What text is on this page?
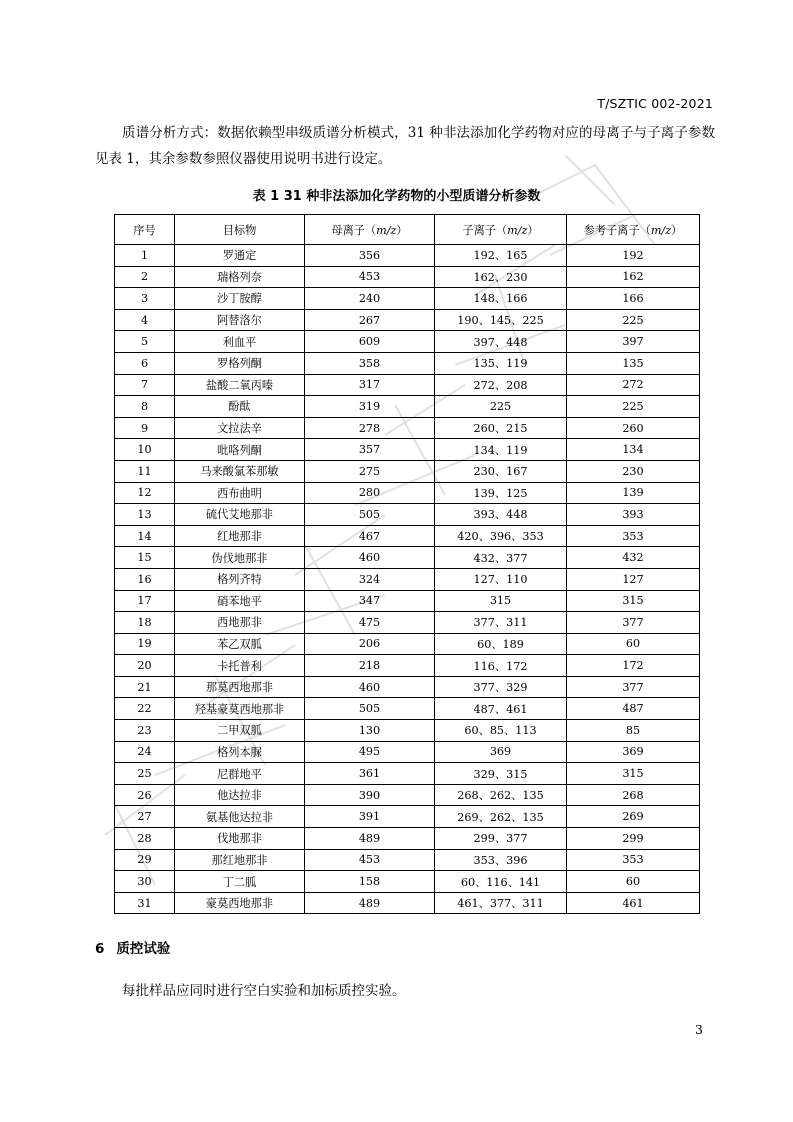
T/SZTIC 002-2021

质谱分析方式：数据依赖型串级质谱分析模式，31 种非法添加化学药物对应的母离子与子离子参数见表 1，其余参数参照仪器使用说明书进行设定。

表 1 31 种非法添加化学药物的小型质谱分析参数
序号	目标物	母离子（m/z）	子离子（m/z）	参考子离子（m/z）
1	罗通定	356	192、165	192
2	瑞格列奈	453	162、230	162
3	沙丁胺醇	240	148、166	166
4	阿替洛尔	267	190、145、225	225
5	利血平	609	397、448	397
6	罗格列酮	358	135、119	135
7	盐酸二氧丙嗪	317	272、208	272
8	酚酞	319	225	225
9	文拉法辛	278	260、215	260
10	吡咯列酮	357	134、119	134
11	马来酸氯苯那敏	275	230、167	230
12	西布曲明	280	139、125	139
13	硫代艾地那非	505	393、448	393
14	红地那非	467	420、396、353	353
15	伪伐地那非	460	432、377	432
16	格列齐特	324	127、110	127
17	硝苯地平	347	315	315
18	西地那非	475	377、311	377
19	苯乙双胍	206	60、189	60
20	卡托普利	218	116、172	172
21	那莫西地那非	460	377、329	377
22	羟基豪莫西地那非	505	487、461	487
23	二甲双胍	130	60、85、113	85
24	格列本脲	495	369	369
25	尼群地平	361	329、315	315
26	他达拉非	390	268、262、135	268
27	氨基他达拉非	391	269、262、135	269
28	伐地那非	489	299、377	299
29	那红地那非	453	353、396	353
30	丁二胍	158	60、116、141	60
31	豪莫西地那非	489	461、377、311	461
6 质控试验

每批样品应同时进行空白实验和加标质控实验。

3
